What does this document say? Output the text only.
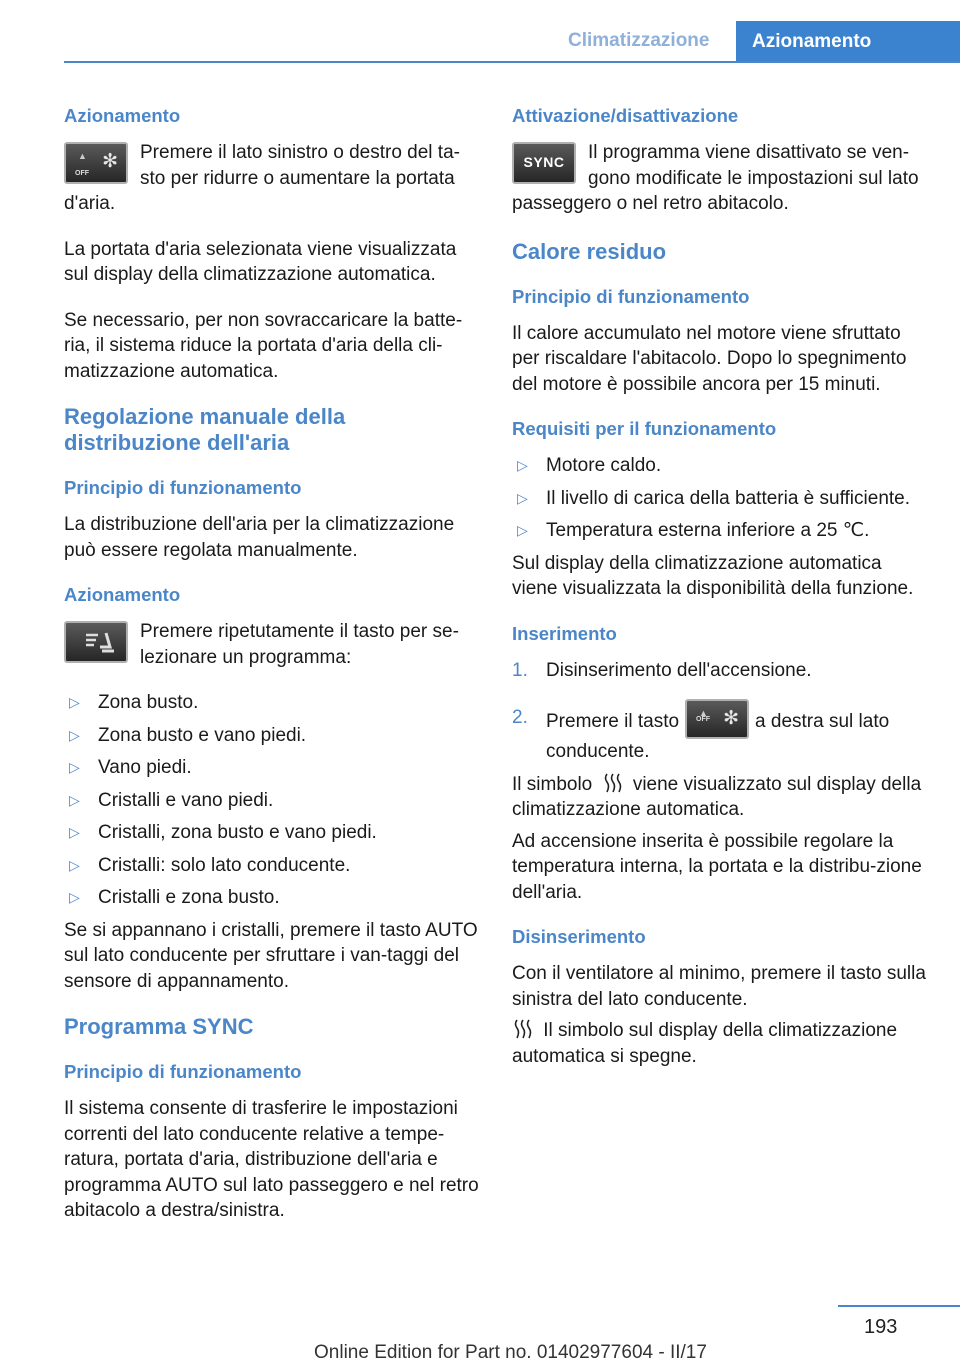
Climatizzazione	Azionamento
Azionamento
▲
OFF
✻	Premere il lato sinistro o destro del ta‐sto per ridurre o aumentare la portata d'aria.

La portata d'aria selezionata viene visualizzata sul display della climatizzazione automatica.

Se necessario, per non sovraccaricare la batte‐ria, il sistema riduce la portata d'aria della cli‐matizzazione automatica.

Regolazione manuale della distribuzione dell'aria
Principio di funzionamento

La distribuzione dell'aria per la climatizzazione può essere regolata manualmente.

Azionamento

Premere ripetutamente il tasto per se‐lezionare un programma:

▷ Zona busto.
▷ Zona busto e vano piedi.
▷ Vano piedi.
▷ Cristalli e vano piedi.
▷ Cristalli, zona busto e vano piedi.
▷ Cristalli: solo lato conducente.
▷ Cristalli e zona busto.

Se si appannano i cristalli, premere il tasto AUTO sul lato conducente per sfruttare i van‐taggi del sensore di appannamento.

Programma SYNC
Principio di funzionamento

Il sistema consente di trasferire le impostazioni correnti del lato conducente relative a tempe‐ratura, portata d'aria, distribuzione dell'aria e programma AUTO sul lato passeggero e nel retro abitacolo a destra/sinistra.

Attivazione/disattivazione
SYNC	Il programma viene disattivato se ven‐gono modificate le impostazioni sul lato passeggero o nel retro abitacolo.

Calore residuo
Principio di funzionamento

Il calore accumulato nel motore viene sfruttato per riscaldare l'abitacolo. Dopo lo spegnimento del motore è possibile ancora per 15 minuti.

Requisiti per il funzionamento
▷ Motore caldo.
▷ Il livello di carica della batteria è sufficiente.
▷ Temperatura esterna inferiore a 25 ℃.

Sul display della climatizzazione automatica viene visualizzata la disponibilità della funzione.

Inserimento
1. Disinserimento dell'accensione.
2. Premere il tasto ▲
OFF ✻ a destra sul lato conducente.

Il simbolo viene visualizzato sul display della climatizzazione automatica.

Ad accensione inserita è possibile regolare la temperatura interna, la portata e la distribu‐zione dell'aria.

Disinserimento

Con il ventilatore al minimo, premere il tasto sulla sinistra del lato conducente.

Il simbolo sul display della climatizzazione automatica si spegne.

193
Online Edition for Part no. 01402977604 - II/17
